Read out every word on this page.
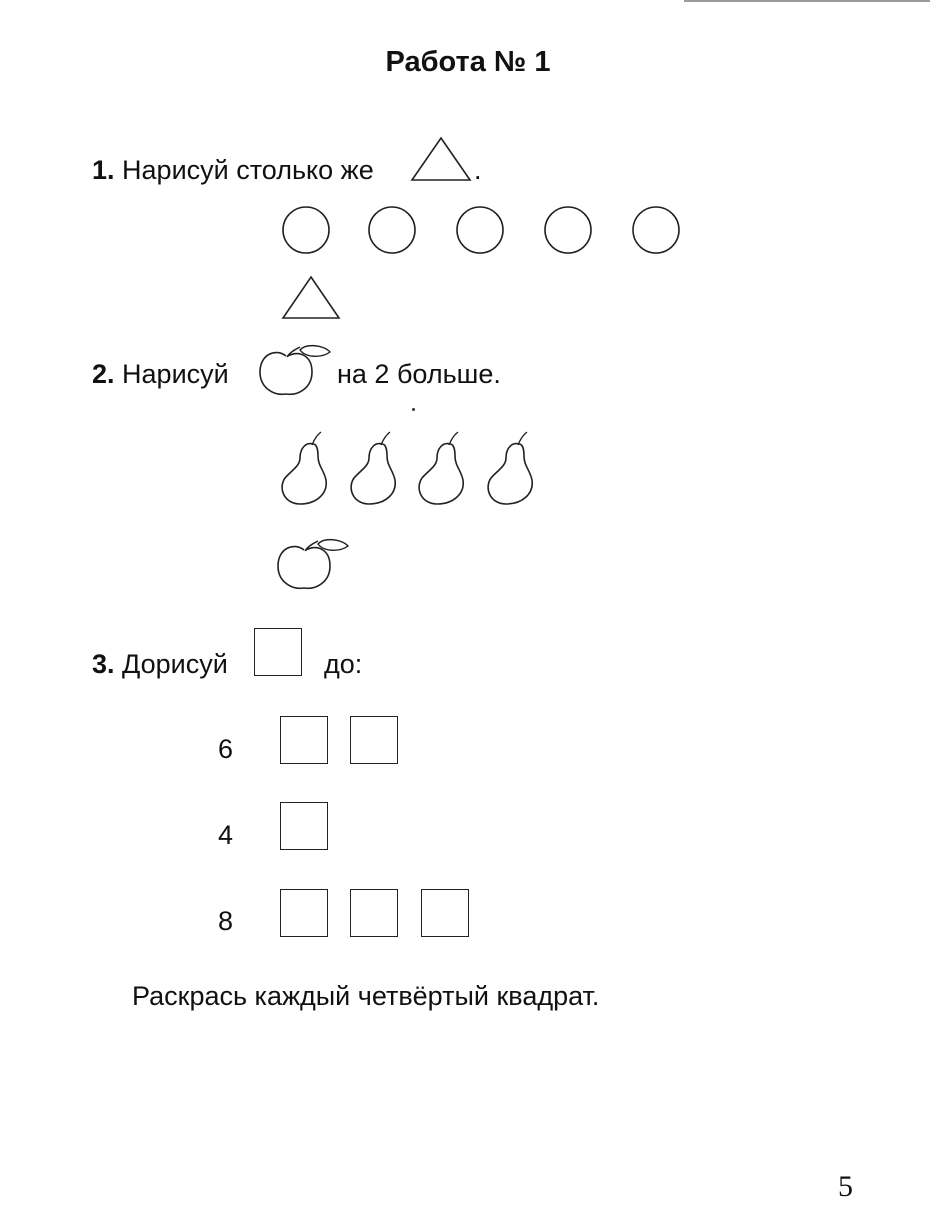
Работа № 1
1. Нарисуй столько же	.
2. Нарисуй	на 2 больше.
3. Дорисуй	до:
6
4
8
Раскрась каждый четвёртый квадрат.
5
